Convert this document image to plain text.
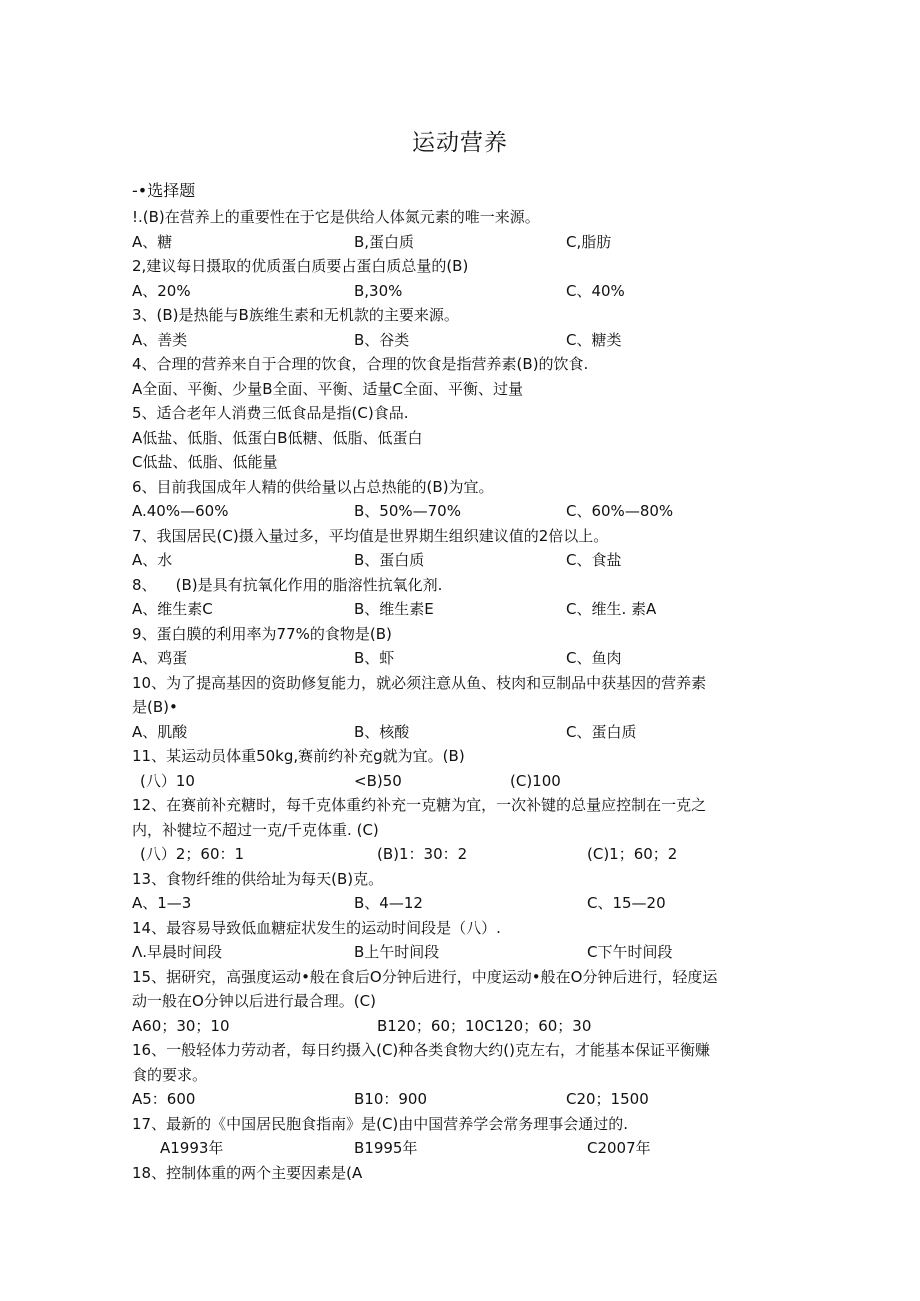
运动营养
-•选择题
!.(B)在营养上的重要性在于它是供给人体氮元素的唯一来源。
A、糖	B,蛋白质	C,脂肪
2,建议每日摄取的优质蛋白质要占蛋白质总量的(B)
A、20%	B,30%	C、40%
3、(B)是热能与B族维生素和无机款的主要来源。
A、善类	B、谷类	C、糖类
4、合理的营养来自于合理的饮食，合理的饮食是指营养素(B)的饮食.
A全面、平衡、少量B全面、平衡、适量C全面、平衡、过量
5、适合老年人消费三低食品是指(C)食品.
A低盐、低脂、低蛋白B低糖、低脂、低蛋白
C低盐、低脂、低能量
6、目前我国成年人精的供给量以占总热能的(B)为宜。
A.40%—60%	B、50%—70%	C、60%—80%
7、我国居民(C)摄入量过多，平均值是世界期生组织建议值的2倍以上。
A、水	B、蛋白质	C、食盐
8、    (B)是具有抗氧化作用的脂溶性抗氧化剂.
A、维生素C	B、维生素E	C、维生. 素A
9、蛋白膜的利用率为77%的食物是(B)
A、鸡蛋	B、虾	C、鱼肉
10、为了提高基因的资助修复能力，就必须注意从鱼、枝肉和豆制品中获基因的营养素
是(B)•
A、肌酸	B、核酸	C、蛋白质
11、某运动员体重50kg,赛前约补充g就为宜。(B)
(八）10	<B)50	(C)100
12、在赛前补充糖时，每千克体重约补充一克糖为宜，一次补键的总量应控制在一克之
内，补犍垃不超过一克/千克体重. (C)
(八）2；60：1	(B)1：30：2	(C)1；60；2
13、食物纤维的供给址为每天(B)克。
A、1—3	B、4—12	C、15—20
14、最容易导致低血糖症状发生的运动时间段是（八）.
Λ.早晨时间段	B上午时间段	C下午时间段
15、据研究，高强度运动•般在食后O分钟后进行，中度运动•般在O分钟后进行，轻度运
动一般在O分钟以后进行最合理。(C)
A60；30；10	B120；60；10C120；60；30
16、一般轻体力劳动者，每日约摄入(C)种各类食物大约()克左右，才能基本保证平衡赚
食的要求。
A5：600	B10：900	C20；1500
17、最新的《中国居民胞食指南》是(C)由中国营养学会常务理事会通过的.
A1993年	B1995年	C2007年
18、控制体重的两个主要因素是(A
